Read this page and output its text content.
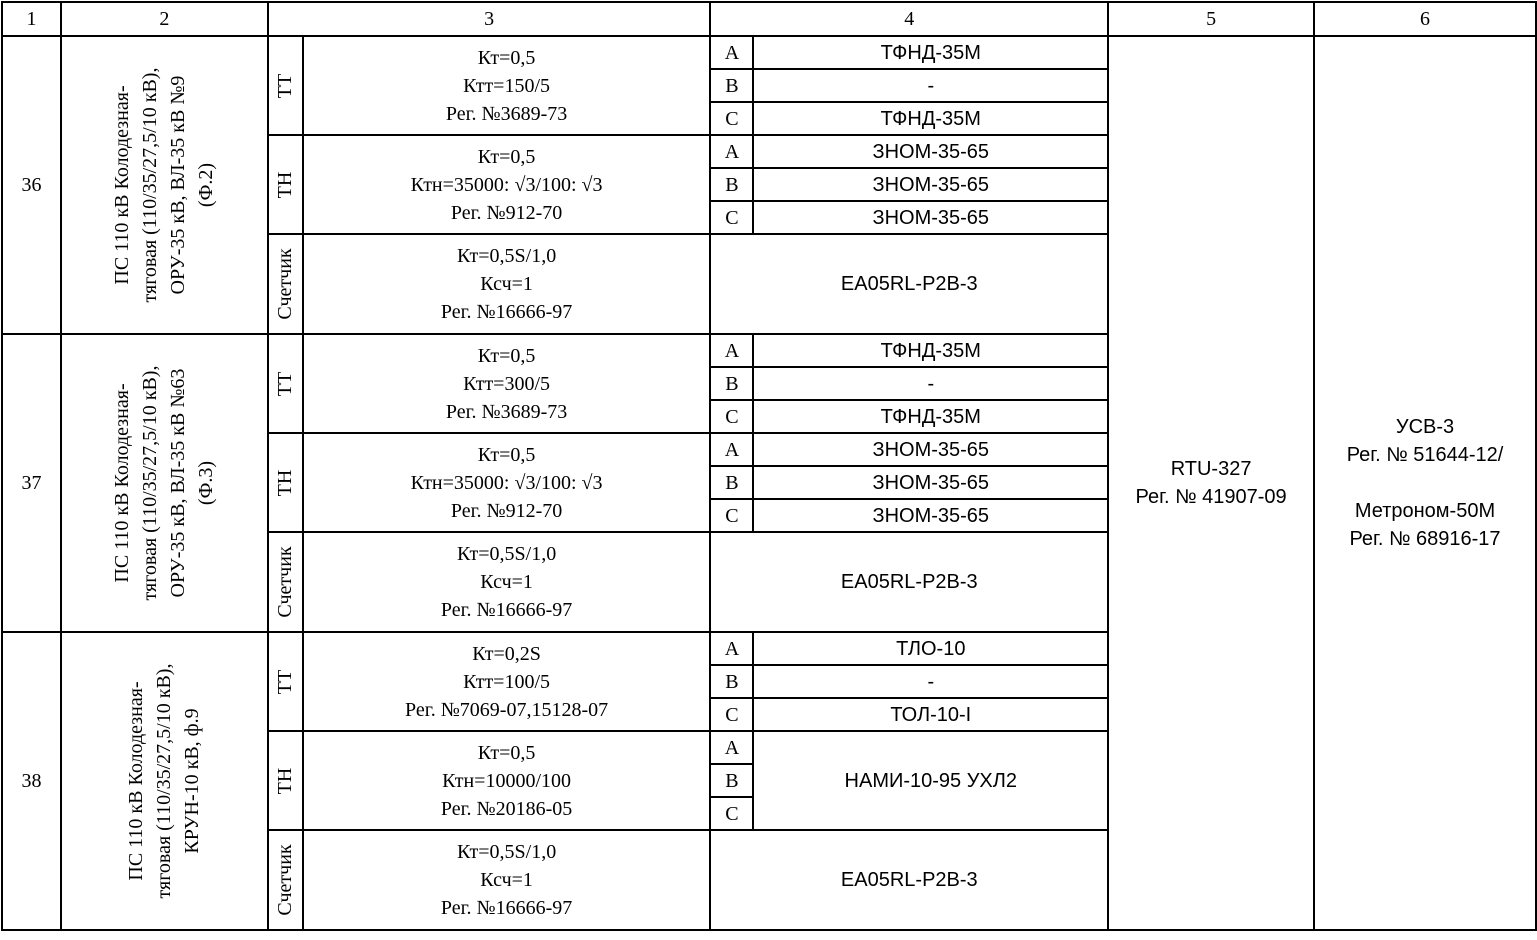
1	2	3		4		5	6
36	ПС 110 кВ Колодезная-
тяговая (110/35/27,5/10 кВ),
ОРУ-35 кВ, ВЛ-35 кВ №9
(Ф.2)	ТТ	Кт=0,5
Ктт=150/5
Рег. №3689-73	A	ТФНД-35М	RTU-327
Рег. № 41907-09	УСВ-3
Рег. № 51644-12/

Метроном-50М
Рег. № 68916-17
				B	-		
				C	ТФНД-35М		

		ТН	Кт=0,5
Ктн=35000: √3/100: √3
Рег. №912-70	A	ЗНОМ-35-65		
				B	ЗНОМ-35-65		
				C	ЗНОМ-35-65		

		Счетчик	Кт=0,5S/1,0
Ксч=1
Рег. №16666-97	EA05RL-P2B-3			

37	ПС 110 кВ Колодезная-
тяговая (110/35/27,5/10 кВ),
ОРУ-35 кВ, ВЛ-35 кВ №63
(Ф.3)	ТТ	Кт=0,5
Ктт=300/5
Рег. №3689-73	A	ТФНД-35М		
				B	-		
				C	ТФНД-35М		

		ТН	Кт=0,5
Ктн=35000: √3/100: √3
Рег. №912-70	A	ЗНОМ-35-65		
				B	ЗНОМ-35-65		
				C	ЗНОМ-35-65		

		Счетчик	Кт=0,5S/1,0
Ксч=1
Рег. №16666-97	EA05RL-P2B-3			

38	ПС 110 кВ Колодезная-
тяговая (110/35/27,5/10 кВ),
КРУН-10 кВ, ф.9	ТТ	Кт=0,2S
Ктт=100/5
Рег. №7069-07,15128-07	A	ТЛО-10		
				B	-		
				C	ТОЛ-10-I		

		ТН	Кт=0,5
Ктн=10000/100
Рег. №20186-05	A	НАМИ-10-95 УХЛ2		
				B			
				C			

		Счетчик	Кт=0,5S/1,0
Ксч=1
Рег. №16666-97	EA05RL-P2B-3			
